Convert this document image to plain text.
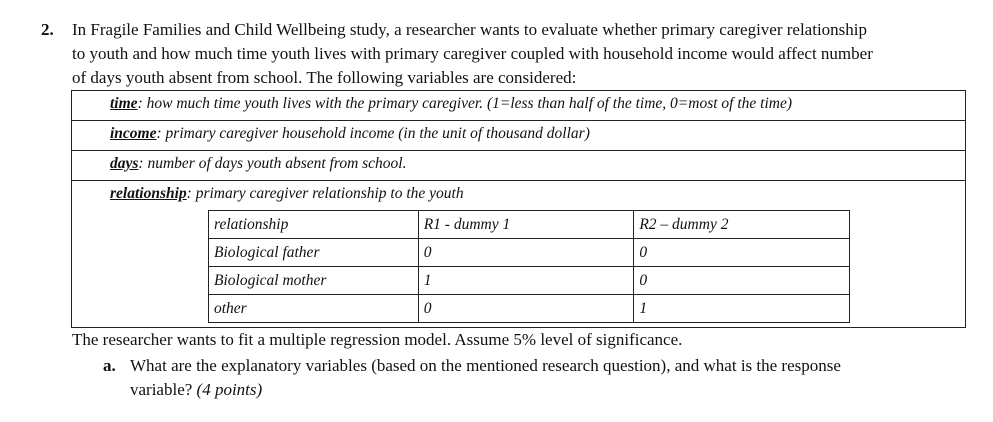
2. In Fragile Families and Child Wellbeing study, a researcher wants to evaluate whether primary caregiver relationship
to youth and how much time youth lives with primary caregiver coupled with household income would affect number
of days youth absent from school. The following variables are considered:
time: how much time youth lives with the primary caregiver. (1=less than half of the time, 0=most of the time)
income: primary caregiver household income (in the unit of thousand dollar)
days: number of days youth absent from school.
relationship: primary caregiver relationship to the youth
relationship	R1 - dummy 1	R2 – dummy 2
Biological father	0	0
Biological mother	1	0
other	0	1
The researcher wants to fit a multiple regression model. Assume 5% level of significance.
a. What are the explanatory variables (based on the mentioned research question), and what is the response
variable? (4 points)
